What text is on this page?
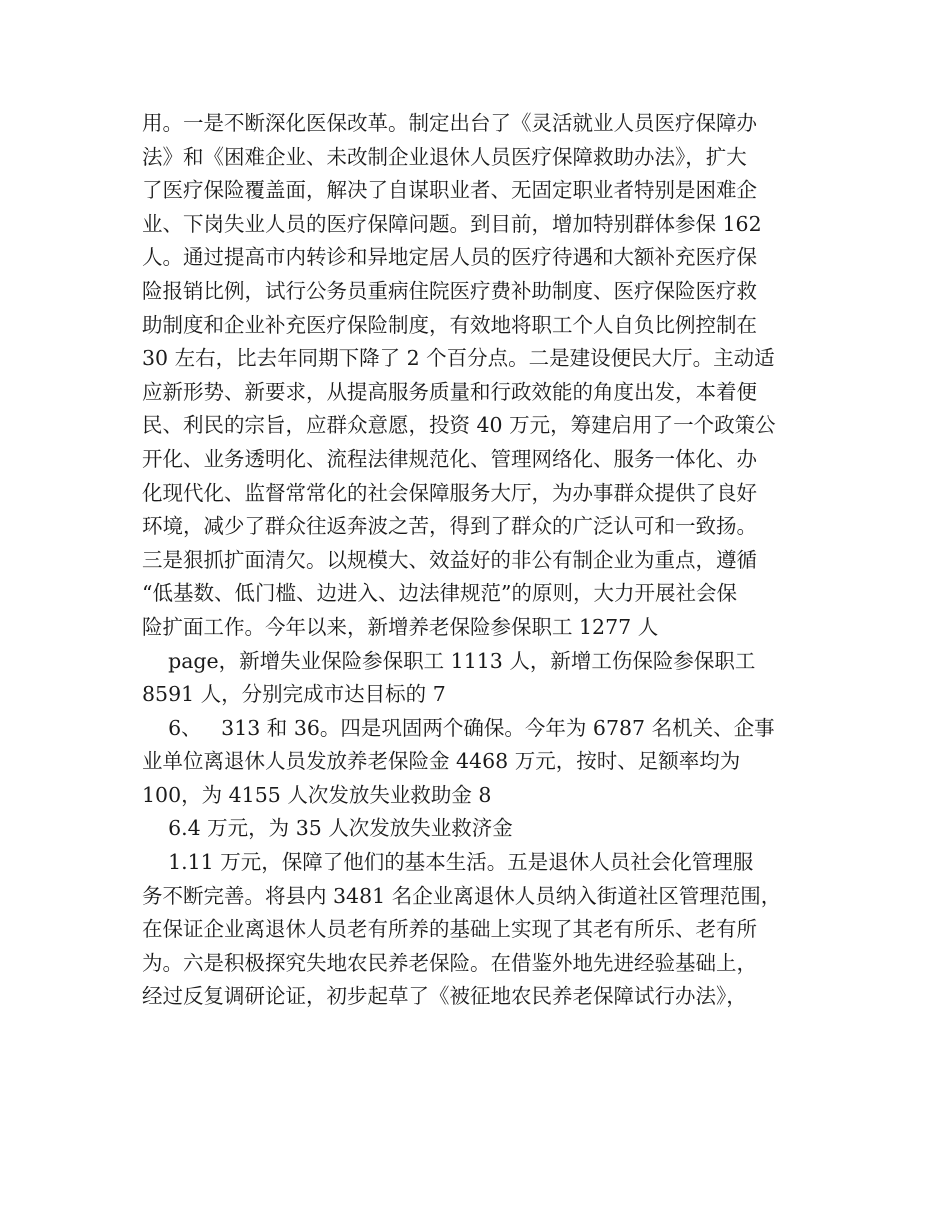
用。一是不断深化医保改革。制定出台了《灵活就业人员医疗保障办
法》和《困难企业、未改制企业退休人员医疗保障救助办法》，扩大
了医疗保险覆盖面，解决了自谋职业者、无固定职业者特别是困难企
业、下岗失业人员的医疗保障问题。到目前，增加特别群体参保 162
人。通过提高市内转诊和异地定居人员的医疗待遇和大额补充医疗保
险报销比例，试行公务员重病住院医疗费补助制度、医疗保险医疗救
助制度和企业补充医疗保险制度，有效地将职工个人自负比例控制在
30 左右，比去年同期下降了 2 个百分点。二是建设便民大厅。主动适
应新形势、新要求，从提高服务质量和行政效能的角度出发，本着便
民、利民的宗旨，应群众意愿，投资 40 万元，筹建启用了一个政策公
开化、业务透明化、流程法律规范化、管理网络化、服务一体化、办
化现代化、监督常常化的社会保障服务大厅，为办事群众提供了良好
环境，减少了群众往返奔波之苦，得到了群众的广泛认可和一致扬。
三是狠抓扩面清欠。以规模大、效益好的非公有制企业为重点，遵循
“低基数、低门槛、边进入、边法律规范”的原则，大力开展社会保
险扩面工作。今年以来，新增养老保险参保职工 1277 人
page，新增失业保险参保职工 1113 人，新增工伤保险参保职工
8591 人，分别完成市达目标的 7
6、   313 和 36。四是巩固两个确保。今年为 6787 名机关、企事
业单位离退休人员发放养老保险金 4468 万元，按时、足额率均为
100，为 4155 人次发放失业救助金 8
6.4 万元，为 35 人次发放失业救济金
1.11 万元，保障了他们的基本生活。五是退休人员社会化管理服
务不断完善。将县内 3481 名企业离退休人员纳入街道社区管理范围，
在保证企业离退休人员老有所养的基础上实现了其老有所乐、老有所
为。六是积极探究失地农民养老保险。在借鉴外地先进经验基础上，
经过反复调研论证，初步起草了《被征地农民养老保障试行办法》，
